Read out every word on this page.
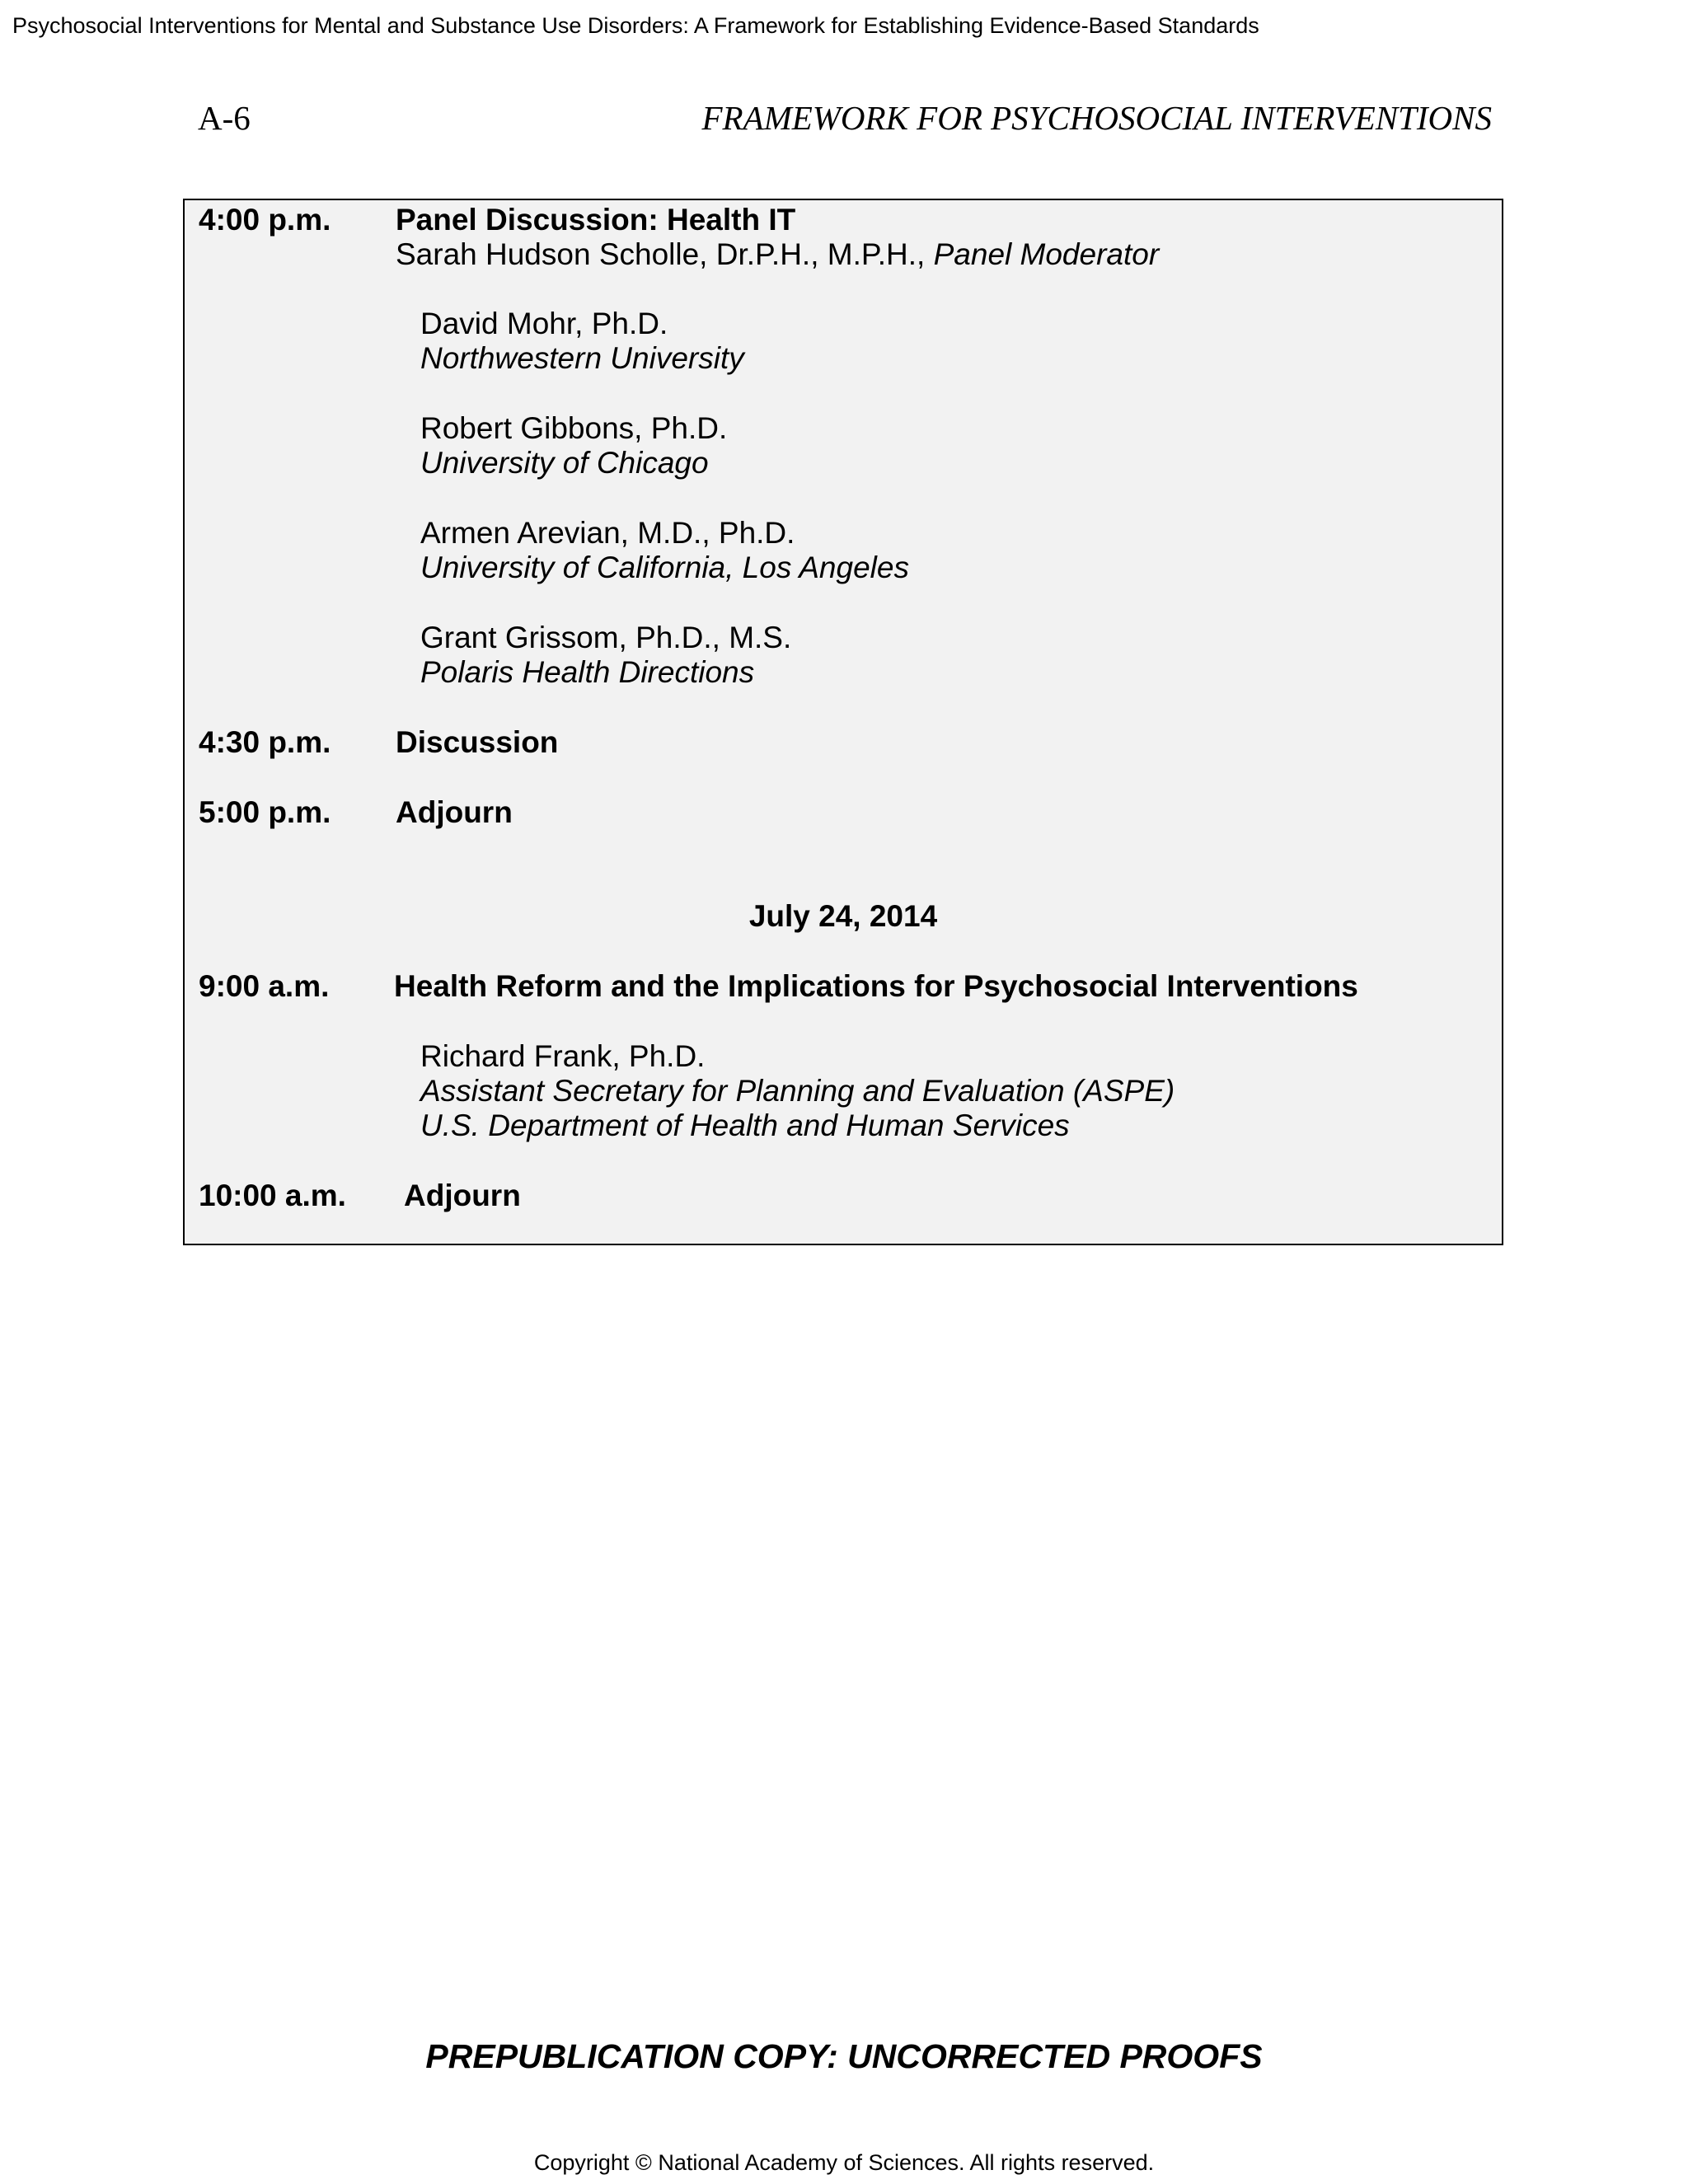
Psychosocial Interventions for Mental and Substance Use Disorders: A Framework for Establishing Evidence-Based Standards
A-6	FRAMEWORK FOR PSYCHOSOCIAL INTERVENTIONS
4:00 p.m. Panel Discussion: Health IT
Sarah Hudson Scholle, Dr.P.H., M.P.H., Panel Moderator
David Mohr, Ph.D.
Northwestern University
Robert Gibbons, Ph.D.
University of Chicago
Armen Arevian, M.D., Ph.D.
University of California, Los Angeles
Grant Grissom, Ph.D., M.S.
Polaris Health Directions
4:30 p.m. Discussion
5:00 p.m. Adjourn
July 24, 2014
9:00 a.m. Health Reform and the Implications for Psychosocial Interventions
Richard Frank, Ph.D.
Assistant Secretary for Planning and Evaluation (ASPE)
U.S. Department of Health and Human Services
10:00 a.m. Adjourn
PREPUBLICATION COPY: UNCORRECTED PROOFS
Copyright © National Academy of Sciences. All rights reserved.
